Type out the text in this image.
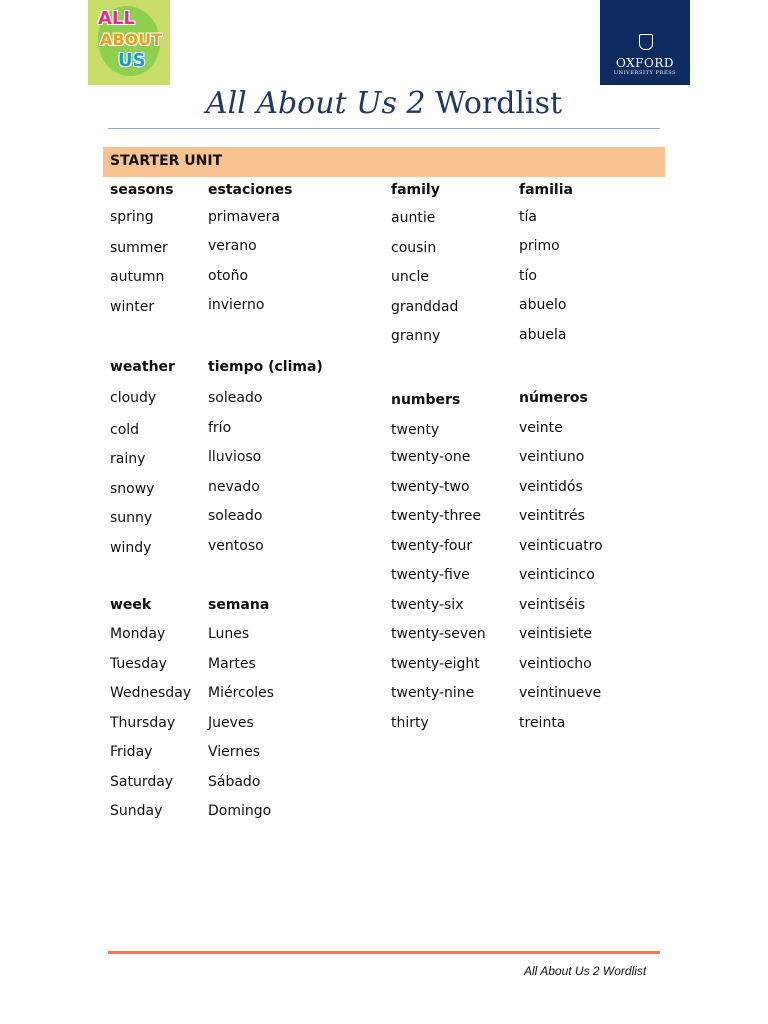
ALL
ABOUT
US	OXFORD
UNIVERSITY PRESS
All About Us 2 Wordlist
STARTER UNIT
seasons estaciones
spring	primavera
summer	verano
autumn	otoño
winter	invierno
weather tiempo (clima)
cloudy	soleado
cold	frío
rainy	lluvioso
snowy	nevado
sunny	soleado
windy	ventoso
week	semana
Monday	Lunes
Tuesday	Martes
Wednesday Miércoles
Thursday Jueves
Friday	Viernes
Saturday Sábado
Sunday	Domingo
family	familia
auntie	tía
cousin	primo
uncle	tío
granddad	abuelo
granny	abuela
numbers	números
twenty	veinte
twenty-one	veintiuno
twenty-two	veintidós
twenty-three	veintitrés
twenty-four	veinticuatro
twenty-five	veinticinco
twenty-six	veintiséis
twenty-seven veintisiete
twenty-eight	veintiocho
twenty-nine	veintinueve
thirty	treinta
All About Us 2 Wordlist
